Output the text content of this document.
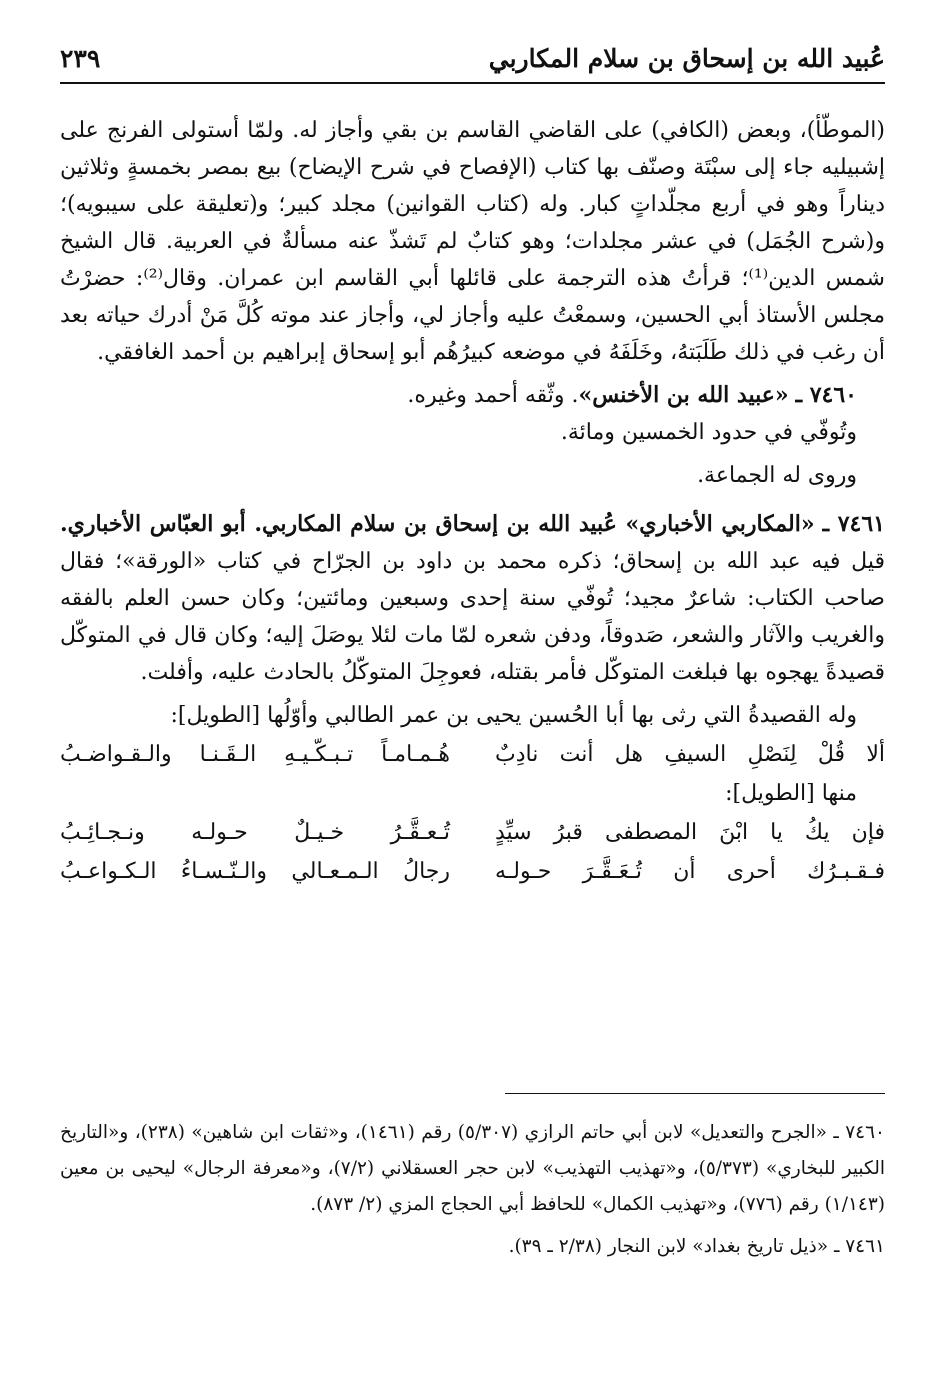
عُبيد الله بن إسحاق بن سلام المكاربي
٢٣٩

(الموطّأ)، وبعض (الكافي) على القاضي القاسم بن بقي وأجاز له. ولمّا أستولى الفرنج على إشبيليه جاء إلى سبْتَة وصنّف بها كتاب (الإفصاح في شرح الإيضاح) بيع بمصر بخمسةٍ وثلاثين ديناراً وهو في أربع مجلّداتٍ كبار. وله (كتاب القوانين) مجلد كبير؛ و(تعليقة على سيبويه)؛ و(شرح الجُمَل) في عشر مجلدات؛ وهو كتابٌ لم تَشذّ عنه مسألةٌ في العربية. قال الشيخ شمس الدين⁽¹⁾؛ قرأتُ هذه الترجمة على قائلها أبي القاسم ابن عمران. وقال⁽²⁾: حضرْتُ مجلس الأستاذ أبي الحسين، وسمعْتُ عليه وأجاز لي، وأجاز عند موته كُلَّ مَنْ أدرك حياته بعد أن رغب في ذلك طَلَبَتهُ، وخَلَفَهُ في موضعه كبيرُهُم أبو إسحاق إبراهيم بن أحمد الغافقي.

٧٤٦٠ ـ «عبيد الله بن الأخنس». وثّقه أحمد وغيره.

وتُوفّي في حدود الخمسين ومائة.

وروى له الجماعة.

٧٤٦١ ـ «المكاربي الأخباري» عُبيد الله بن إسحاق بن سلام المكاربي. أبو العبّاس الأخباري. قيل فيه عبد الله بن إسحاق؛ ذكره محمد بن داود بن الجرّاح في كتاب «الورقة»؛ فقال صاحب الكتاب: شاعرٌ مجيد؛ تُوفّي سنة إحدى وسبعين ومائتين؛ وكان حسن العلم بالفقه والغريب والآثار والشعر، صَدوقاً، ودفن شعره لمّا مات لئلا يوصَلَ إليه؛ وكان قال في المتوكّل قصيدةً يهجوه بها فبلغت المتوكّل فأمر بقتله، فعوجِلَ المتوكّلُ بالحادث عليه، وأفلت.

وله القصيدةُ التي رثى بها أبا الحُسين يحيى بن عمر الطالبي وأوّلُها [الطويل]:

ألا قُلْ لِنَصْلِ السيفِ هل أنت نادِبٌ
هُـمـامـاً تـبـكّـيـهِ الـقَـنـا والـقـواضـبُ

منها [الطويل]:

فإن يكُ يا ابْنَ المصطفى قبرُ سيِّدٍ
تُـعـقَّـرُ خـيـلٌ حـولـه ونـجـائِـبُ
فـقـبـرُك أحرى أن تُـعَـقَّـرَ حـولـه
رجالُ الـمـعـالي والـنّـسـاءُ الـكـواعـبُ

٧٤٦٠ ـ «الجرح والتعديل» لابن أبي حاتم الرازي (٥/٣٠٧) رقم (١٤٦١)، و«ثقات ابن شاهين» (٢٣٨)، و«التاريخ الكبير للبخاري» (٥/٣٧٣)، و«تهذيب التهذيب» لابن حجر العسقلاني (٧/٢)، و«معرفة الرجال» ليحيى بن معين (١/١٤٣) رقم (٧٧٦)، و«تهذيب الكمال» للحافظ أبي الحجاج المزي (٢/ ٨٧٣).

٧٤٦١ ـ «ذيل تاريخ بغداد» لابن النجار (٢/٣٨ ـ ٣٩).
